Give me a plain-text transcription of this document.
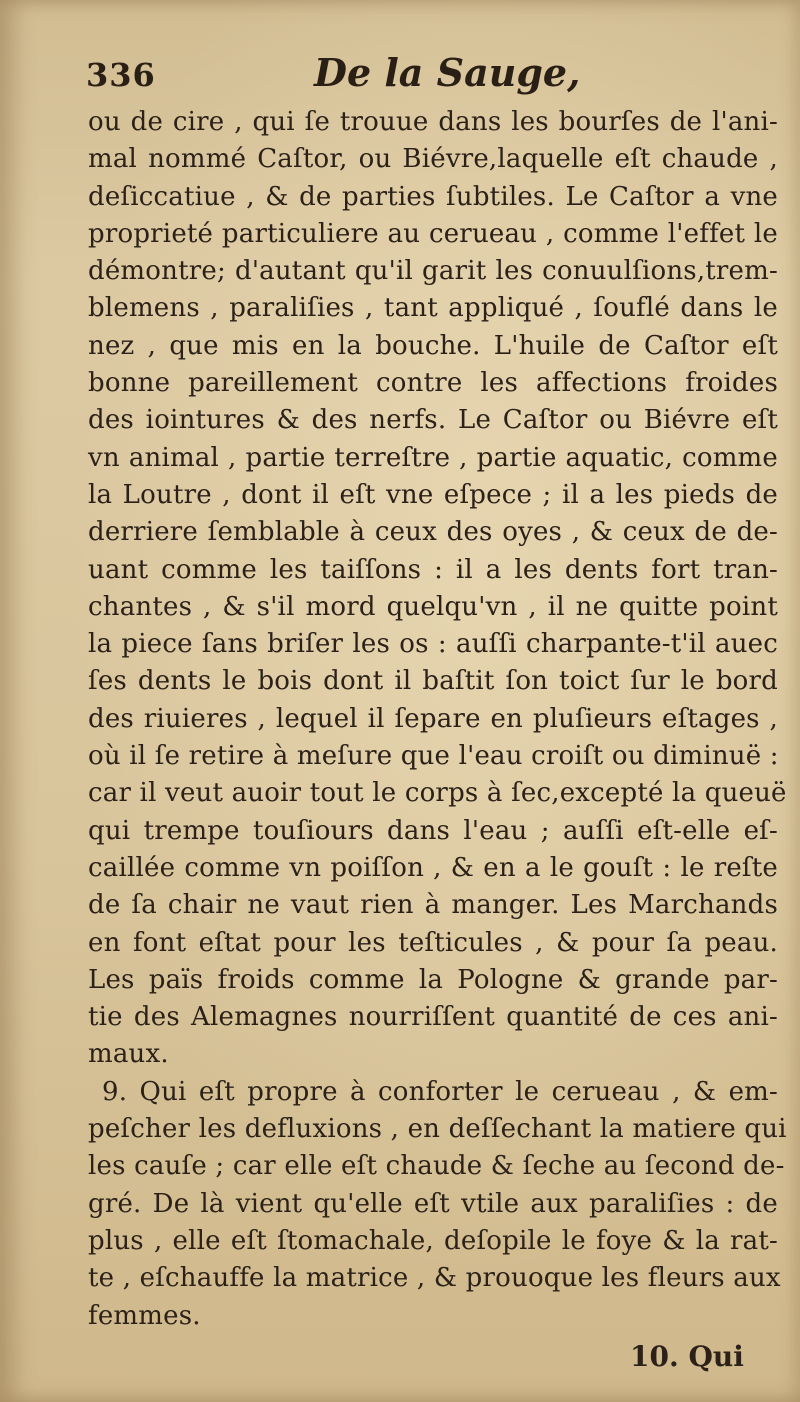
336	De la Sauge,
ou de cire , qui ſe trouue dans les bourſes de l'ani-
mal nommé Caſtor, ou Biévre,laquelle eſt chaude ,
deſiccatiue , & de parties ſubtiles. Le Caſtor a vne
proprieté particuliere au cerueau , comme l'effet le
démontre; d'autant qu'il garit les conuulſions,trem-
blemens , paraliſies , tant appliqué , ſouflé dans le
nez , que mis en la bouche. L'huile de Caſtor eſt
bonne pareillement contre les affections froides
des iointures & des nerfs. Le Caſtor ou Biévre eſt
vn animal , partie terreſtre , partie aquatic, comme
la Loutre , dont il eſt vne eſpece ; il a les pieds de
derriere ſemblable à ceux des oyes , & ceux de de-
uant comme les taiſſons : il a les dents fort tran-
chantes , & s'il mord quelqu'vn , il ne quitte point
la piece ſans briſer les os : auſſi charpante-t'il auec
ſes dents le bois dont il baſtit ſon toict ſur le bord
des riuieres , lequel il ſepare en pluſieurs eſtages ,
où il ſe retire à meſure que l'eau croiſt ou diminuë :
car il veut auoir tout le corps à ſec,excepté la queuë
qui trempe touſiours dans l'eau ; auſſi eſt-elle eſ-
caillée comme vn poiſſon , & en a le gouſt : le reſte
de ſa chair ne vaut rien à manger. Les Marchands
en font eſtat pour les teſticules , & pour ſa peau.
Les païs froids comme la Pologne & grande par-
tie des Alemagnes nourriſſent quantité de ces ani-
maux.
9. Qui eſt propre à conforter le cerueau , & em-
peſcher les defluxions , en deſſechant la matiere qui
les cauſe ; car elle eſt chaude & ſeche au ſecond de-
gré. De là vient qu'elle eſt vtile aux paraliſies : de
plus , elle eſt ſtomachale, deſopile le foye & la rat-
te , eſchauffe la matrice , & prouoque les fleurs aux
femmes.
10. Qui
